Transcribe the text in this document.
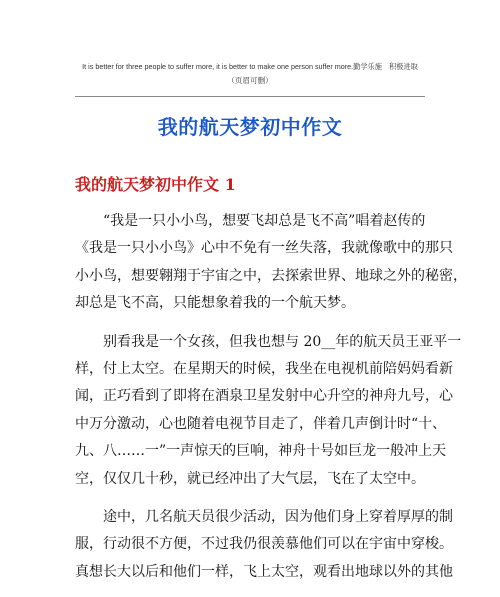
It is better for three people to suffer more, it is better to make one person suffer more.勤学乐施　积极进取
（页眉可删）
我的航天梦初中作文
我的航天梦初中作文 1
“我是一只小小鸟，想要飞却总是飞不高”唱着赵传的
《我是一只小小鸟》心中不免有一丝失落，我就像歌中的那只
小小鸟，想要翱翔于宇宙之中，去探索世界、地球之外的秘密，
却总是飞不高，只能想象着我的一个航天梦。
别看我是一个女孩，但我也想与 20__年的航天员王亚平一
样，付上太空。在星期天的时候，我坐在电视机前陪妈妈看新
闻，正巧看到了即将在酒泉卫星发射中心升空的神舟九号，心
中万分激动，心也随着电视节目走了，伴着几声倒计时“十、
九、八……一”一声惊天的巨响，神舟十号如巨龙一般冲上天
空，仅仅几十秒，就已经冲出了大气层，飞在了太空中。
途中，几名航天员很少活动，因为他们身上穿着厚厚的制
服，行动很不方便，不过我仍很羡慕他们可以在宇宙中穿梭。
真想长大以后和他们一样，飞上太空，观看出地球以外的其他
